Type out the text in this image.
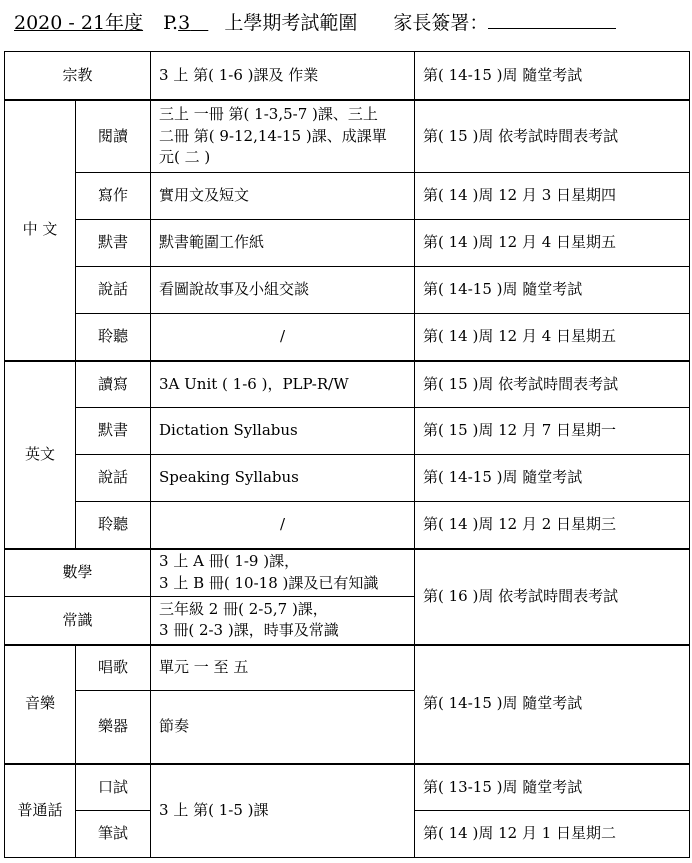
2020 - 21年度 P.3 上學期考試範圍 家長簽署：
宗教		3 上 第( 1-6 )課及 作業	第( 14-15 )周 隨堂考試
中 文	閱讀	三上 一冊 第( 1-3,5-7 )課、三上
二冊 第( 9-12,14-15 )課、成課單
元( 二 )	第( 15 )周 依考試時間表考試
	寫作	實用文及短文	第( 14 )周 12 月 3 日星期四
	默書	默書範圍工作紙	第( 14 )周 12 月 4 日星期五
	說話	看圖說故事及小組交談	第( 14-15 )周 隨堂考試
	聆聽	/	第( 14 )周 12 月 4 日星期五
英文	讀寫	3A Unit ( 1-6 )，PLP-R/W	第( 15 )周 依考試時間表考試
	默書	Dictation Syllabus	第( 15 )周 12 月 7 日星期一
	說話	Speaking Syllabus	第( 14-15 )周 隨堂考試
	聆聽	/	第( 14 )周 12 月 2 日星期三
數學		3 上 A 冊( 1-9 )課，
3 上 B 冊( 10-18 )課及已有知識	第( 16 )周 依考試時間表考試
常識		三年級 2 冊( 2-5,7 )課，
3 冊( 2-3 )課，時事及常識	

音樂	唱歌	單元 一 至 五	第( 14-15 )周 隨堂考試
	樂器	節奏	
普通話	口試	3 上 第( 1-5 )課	第( 13-15 )周 隨堂考試
	筆試		第( 14 )周 12 月 1 日星期二
